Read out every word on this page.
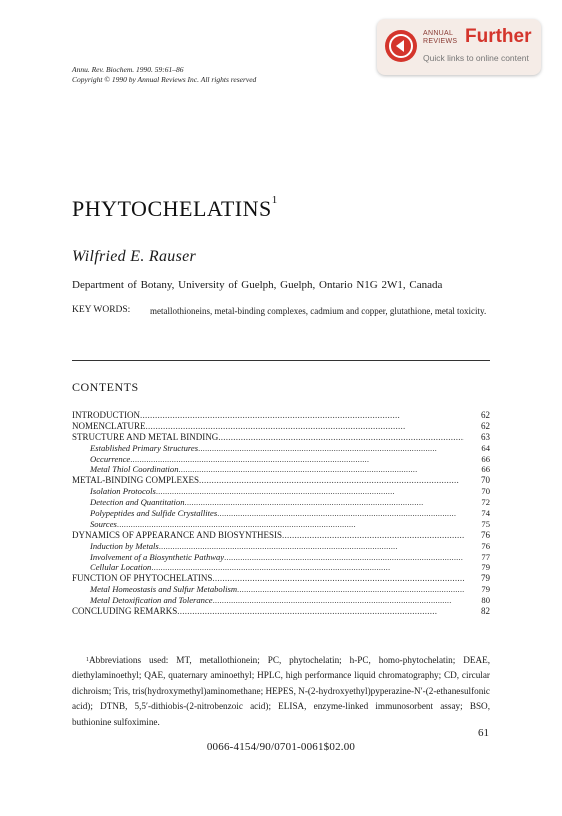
ANNUAL
REVIEWS Further
Quick links to online content
Annu. Rev. Biochem. 1990. 59:61–86
Copyright © 1990 by Annual Reviews Inc. All rights reserved
PHYTOCHELATINS$^1$
Wilfried E. Rauser
Department of Botany, University of Guelph, Guelph, Ontario N1G 2W1, Canada
KEY WORDS: metallothioneins, metal-binding complexes, cadmium and copper, glutathione, metal toxicity.
CONTENTS
INTRODUCTION . . .	62
NOMENCLATURE . . .	62
STRUCTURE AND METAL BINDING . . .	63
Established Primary Structures . . .	64
Occurrence . . .	66
Metal Thiol Coordination . . .	66
METAL-BINDING COMPLEXES . . .	70
Isolation Protocols . . .	70
Detection and Quantitation . . .	72
Polypeptides and Sulfide Crystallites . . .	74
Sources . . .	75
DYNAMICS OF APPEARANCE AND BIOSYNTHESIS . . .	76
Induction by Metals . . .	76
Involvement of a Biosynthetic Pathway . . .	77
Cellular Location . . .	79
FUNCTION OF PHYTOCHELATINS . . .	79
Metal Homeostasis and Sulfur Metabolism . . .	79
Metal Detoxification and Tolerance . . .	80
CONCLUDING REMARKS . . .	82
$^1$Abbreviations used: MT, metallothionein; PC, phytochelatin; h-PC, homo-phytochelatin; DEAE, diethylaminoethyl; QAE, quaternary aminoethyl; HPLC, high performance liquid chromatography; CD, circular dichroism; Tris, tris(hydroxymethyl)aminomethane; HEPES, N-(2-hydroxyethyl)pyperazine-N′-(2-ethanesulfonic acid); DTNB, 5,5′-dithiobis-(2-nitrobenzoic acid); ELISA, enzyme-linked immunosorbent assay; BSO, buthionine sulfoximine.
61
0066-4154/90/0701-0061$02.00
